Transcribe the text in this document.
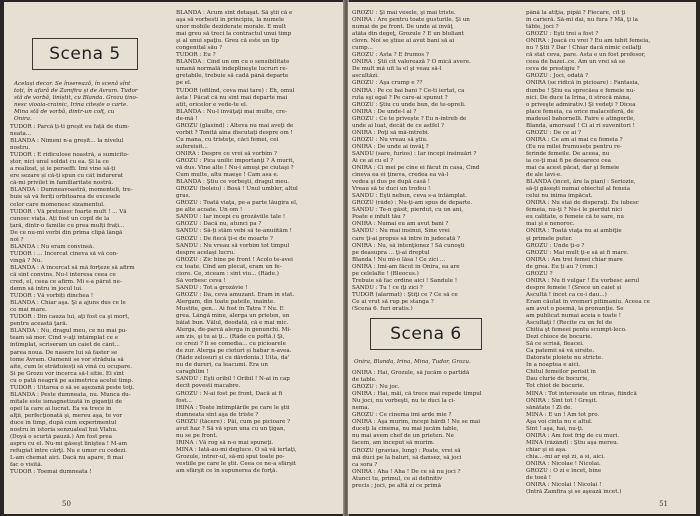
Scena 5

Același decor. Se înserează, în scenă sînt

toți, în afară de Zamfira și de Avram. Tudor

stă de vorbă, liniștit, cu Blanda. Grozu țino-

nesc vioaia-crainic, Irina citește o carte.

Mina stă de vorbă, dintr-un colț, cu

Onira.

TUDOR : Parcă ți-ti greșit eu față de dum-

neata...

BLANDA : Nimeni n-a greșit... la nivelul

nostru.

TUDOR : E ridiculose noastră, a sumicito-

ștor, nici unul soldat cu ea. Și la ce

a realizat, și ie perseffi. Imi vine să-ți

ere sezare și că-ți spun cu cât indurerat

că-mi privilet în familiaritate nostră.

BLANDA : Dumneavoastră, momenteli, tre-

buie să vă feriți orbitoarea de excesele

celor care momenesc sîzamentul.

TUDOR : Vă pretuiesc foarte mult ! ... Vă

cunosc viața. Ați fost un copil de la

țară, dintr-o familie cu prea mulți frați...

De ce nu-mi vorbi din prima clipă lângă

noi ?

BLANDA : Nu eram convinsă.

TUDOR : ... Incercat cineva să vă con-

vingă ? Nu.

BLANDA : A încercat să mă forțeze să afirm

că sînt convins. Nu-l interesa ceea ce

cred, el, ceea ce afirm. Mi s-a părut ne-

demn să intru în jocul lui.

TUDOR : Vă vorbiți dinchea !

BLANDA : Chiar aşa. Şi a ajuns dus ce le

ce mai mare.

TUDOR : Din cauza lui, aţi fost ca şi mort,

pentru aceastã ţară.

BLANDA : Nu, dragul meu, ce nu mai pu-

team să mor. Cînd v-aţi întâmplat ce e

întîmplat, scriseram un caiet de cânt...

parea noua. De nasere lui să faster se

tome Avram. Oamenii se vor străduia să

aite, cum le străduiesți să vină cu ocupare.

Și pe Grozu vor încerca să-l sîtie. Ei sînt

cu o pată neagră pe asimetrica acelui timp.

TUDOR : Uitarea o să se aşezană peste toţi.

BLANDA : Peste dumneata, nu. Munca du-

mitale este îsmagnetizată în giganţii de

opel la care ai lucrat. Ea va trece în

alţii, perfecţionată şi, mereu aşa, te vor

duce în timp, după cum experimentul

nostru în istoria senzualeal hui Vlahu.

(Doyâ o scurtă pauză.) Am fost prea

aspru cu el. Nu-mi găseşt liniştea ! M-am

refugiat între cărţi. Nu e umor cu cedezi.

L-am chemat aici. Dacă nu apare, fi mai

fac o visită.

TUDOR : Toemai dumneata !

BLANDA : Acum sînt detaşat. Să ştii că e

aşa să vorbesti în principiu, la numele

unor mobile deziderate morale. E mult

mai greu să treci la contractul unui timp

şi al unui spaţiu. Greu că este un tip

congenital său ?

TUDOR : Eu ?

BLANDA : Cînd un om cu o sensibilitate

umană normală îndeplineşte lucruri re-

gretabile, trebuie să cadă până departe

pe el.

TUDOR (ofilind, ceva mai tare) : Eh, omul

ăsta ! Păcat că nu sînt mai departe mai

atît, oricelor e vede-te el.

BLANDA : Nu-l învăţaţi mai multe, cre-

de-mă !

GROZU (glasind) : Alteva nu mai aveţi de

vorbit ? Tonită aina discutați despre om !

Cu mana, cu tristeţe, căci femei, cei

sufereisit...

ONIRA : Despre ce vrei să vorbim ?

GROZU : Pica unilic importanţi ? A murit,

vă dus. Vine alte ! Nu-i amuşi pe ciutaşi ?

Cum multe, altu maeşe ! Cam asa e.

BLANDA : Ştiu ce vorbeşti, dragul meu.

GROZU (boleiu) : Bosă ! Unul umbler, altul

gras.

GROZU : Toată viaţa, pe-a parte lăugira el,

pe alte acoate. Un om !

SANDU : Iar începi cu grozăviile tale !

GROZU : Dacă nu, atunci pa ?

SANDU : Să-ți stăm vebi să te-anuiităm !

GROZU : De fiecă ţi-e de moarte ?

SANDU : Nu vreau să vorbim tot timpul

despre același lucru.

GROZU : Zic bine pe front ! Acolo te-avei

cu toate. Cînd am plecat, eram un fe-

ciore. Ce, ziceam : sînt viu... (Râde.)

Să vorbesc ceva !

SANDU : Tot a grozăvie !

GROZU : Da, ceva amuzant. Eram in stat.

Alergam, din toate pateile, înainte.

Mustite, gen... Ai fost în Tatra ? Nu. E

grea. Lângă mine, alerga un prieten, un

băiat bun. Vălul, deodată, că e mai mic.

Alerga, de-parcă alerga în genunchi. Mi-

am zis, şi tu ai ţi... (Râde cu poftă.) Şi,

ce crezi ? Îi se comedia... cu picioarele

de zur. Alerga pe cioturi și habar n-avea.

(Râde zelosuri și cu dăvdonia.) Uita, da'

nu de dureri, ca leacumi. Era un

caraghlim !

SANDU : Eşti oribil ! Oribil ! N-ai în cap

decît povesti macabre.

GROZU : N-ai fost pe front, Dacă ai fi

fost...

IRINA : Toate întîmplările pe care le ştii

dumneata sînt aşa de triste ?

GROZU (tăcere) : Păi, cum pe picioare ?

avut haz ? Să vă spun una cu un ţigan,

nu se pe front.

IRINA : Vă rog să n-o mai spuneţi.

MINA : Iată-au-mi degluce. O să vă iertaţi,

Grozule, intrer-ul, să-mi spui toate po-

vestiile pe care le ştii. Ceea ce ne-a sfârşit

am sfârşit ce în supunerea de forţă.

50

GROZU : Şi mai vesele, şi mai triste.

ONIRA : Are pentru toate gusturile. Şi un

numai de pe front. De unde ai învăţ

atâta din degeţ, Grozule ? E un bluliant

clovn. Noi se ştiue ai avut bani să ai

cump...

GROZU : Asta ? E frumos ?

ONIRA : Ştii cit valorează ? O mică avere.

De mult mă uit la el şi veau să-l

ascultăzi.

GROZU : Aşa crump e ??

ONIRA : Pe ce bai bani ? Ce-ti iertat, ca

ruta sşi egal ? Pe care-ai spunut ?

GROZU : Ştiu cu unde bun, de te-opreli.

ONIRA : De unde-l ai ?

GROZU : Ce te privește ? Eu n-intreb de

unde ai luat, decât de ce astfel ?

ONIRA : Poţi să mă-întrebi.

GROZU : Nu vreau să ştiu.

ONIRA : De unde ai învăţ ?

SANDU (sare, furios) : Iar începi insinuări ?

Ai ce ai cu el ?

ONIRA : Ci mei pe cine ei făcut în casa, Cînd

cineva ea ei ţineva, credea ea vă-l

vedea şi dus pe după casă !

Vreau să te duci un trofeu !

SANDU : Eşti nebun, ceva s-a întâmplat.

GROZU (râde) : Nu-ţi-am spus de departe.

SANDU : Te-n găsit, pierdut, cu un ani,

Poate e înfult tău ?

ONIRA : Numai eu am avut bani ?

SANDU : Nu mai insinui, Sine vrei

care ţi-ai propus să intre în judecată ?

ONIRA : Nu, să intenţionez ! Să cunoşti

pe deasupra ... ţi-ai dreptul

Blanda ! Nu mi-o lăsa ! Ce zici ...

ONIRA : Îmi-am făcut în Onira, ea are

pe celelalte ! (Bleocus.)

Trebuie să fac ordine aici ! Sandule !

SANDU : Tu ! ce îţi zici ?

TUDOR (alarmat) : Ştiţi ce ? Ce să ce

Ce ai vrut să rup pe stanga ?

(Scena 6, furi gratis.)

Scena 6
Onira, Blanda, Irina, Mina, Tudor, Grozu.

ONIRA : Hai, Grozule, să jucăm o partidă

de table.

GROZU : Nu joc.

ONIRA : Hai, măi, că trece mai repede timpul

Nu joci, nu vorbeşti, nu te duci la ci-

nema.

GROZU : Ce cinema îmi arde mie ?

ONIRA : Aşa murim, începi bărdi ! Nu se mai

duceţi la cinema, nu mai jucăm table,

nu mai avem chef de un prieten. Ne

facem, am început să murim.

GROZU (gravias, lung) : Poate, vrei să

mă duci pe la baluri, să dansez, să joci

ca sora ?

ONIRA : Aha ! Aha ! De ce să nu joci ?

Atunci tu, primul, ce ai definitiv

precis ; joci, pe altă zi ce primă

până la atîţia, pipăi ? Fiecare, cît ţi

în carieră. Să-mi dai, nu fura ? Mă, ţi la

tăble, joci ?

GROZU : Eşti trei a fost ?

ONIRA : Joacă cu vrei ? Eu am iubit femeia,

nu ? Ştii ? Dar ! Chiar dacă nimic ceilalţi

că stat ceva, pare. Asta e un fost profesor,

ceea de bazei..ce. Am un vrei să se

ceva de prestigiu ?

GROZU : Joci, odată ?

ONIRA (se ridică în picioare) : Fantasia,

dumbe ! Ştiu ea sprecăea e femeie nu-

nici. De duce la Irina, îi strecă mâna,

o priveşte admirativ.) Şi vedeţi ? Dicea

place femeia, ca orice malaceiferă, de

madeuel bahornelli. Faire e atingerile,

Blanda, amorsaul ! Ci ai ri suvenitori !

GROZU : De ce ai ?

ONIRA : Ce am ai mai cu femeia ?

(Eu nu milei frumusețe pentru re-

ferinde femeile. De aceea, nu

ia ce-ţi mai fi pe deoarece cea

mai ca acest păcat, dar şi femeie

de ale lavi-e.

BLANDA (încet, ăre la pian) : Seriozie,

să-ţi găseşti numai obiectul al feneia

celui nu inima împăcat.

ONIRA : Nu stai de disperaţi. Eu iubesc

femeia, nu-ţi ? Nu-i le pierdut nici

eu calitate, o femeie că te sare, nu

mai şi e nenoroc.

ONIRA : Toată viaţa nu ai ambiţie

şi primele puter.

GROZU : Unde ţi-o ?

GROZU : Mai mult ţi-e să ai fi mare.

ONIRA : Am trei femei chiar mare

de grea. Eu ți au ? (rom.)

GROZU ?

ONIRA : Nu fi vulgar ! Eu vorbesc aerul

despre femeie ! (Srece un caiet și

Ascultă ! încet ca ce-i dau...)

Eram căutat în vremeri pitimaniu. Aceea ce

am avut o poemă, la pronunție. Se

am publicat numai aceia e toate !

Ascultaţi ! (Recite cu un fel de

Chitia şt femeei pentu scumpt-leco.

Dezi chioce de bocurie.

Să ce scrisă, fleacei.

Ca patemii să vă sîrsite.

Datorate ploiete nu stricte.

În a noaptea e aici.

Chitul femeilor perisit în

Dau clurie de bocurie,

Tot chiot de bocurie.

MINA : Tot interesate un ritras, fiindcă

ONIRA : Sînt tot ! Greşit.

sănătate ! Zi de.

MINA : E un ! Am tot pro.

Aşa voi cînta nu e altul.

Sînt ! aşa, hai, nu-ţi.

ONIRA : Am fost frig de cu muri.

MINA (râzând) : Ştiu aşa mereu.

chiar şi ei aşa.

chia...-mi ar eşi zi, a si, aici.

ONIRA : Nicolae ! Nicolai.

GROZU : O zi e încet, bine

de toeă !

ONIRA : Nicolai ! Nicolai !

(Intră Zamfira şi se aşează încet.)

51
